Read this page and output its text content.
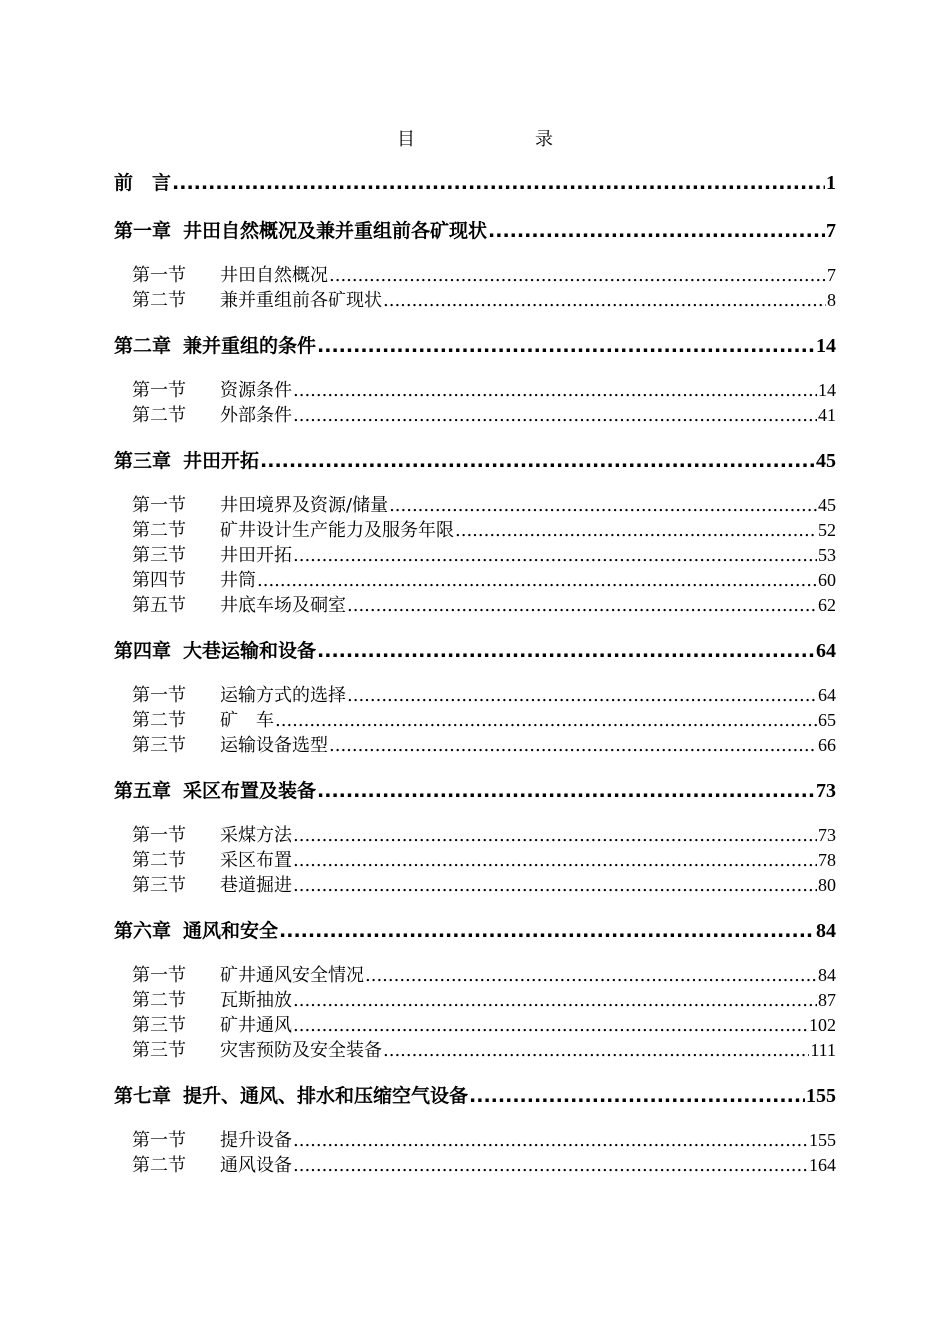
目　　录
前　言 .....	1
第一章 井田自然概况及兼并重组前各矿现状 .....	7
第一节 井田自然概况 .....	7
第二节 兼并重组前各矿现状 .....	8
第二章 兼并重组的条件 .....	14
第一节 资源条件 .....	14
第二节 外部条件 .....	41
第三章 井田开拓 .....	45
第一节 井田境界及资源/储量 .....	45
第二节 矿井设计生产能力及服务年限 .....	52
第三节 井田开拓 .....	53
第四节 井筒 .....	60
第五节 井底车场及硐室 .....	62
第四章 大巷运输和设备 .....	64
第一节 运输方式的选择 .....	64
第二节 矿　车 .....	65
第三节 运输设备选型 .....	66
第五章 采区布置及装备 .....	73
第一节 采煤方法 .....	73
第二节 采区布置 .....	78
第三节 巷道掘进 .....	80
第六章 通风和安全 .....	84
第一节 矿井通风安全情况 .....	84
第二节 瓦斯抽放 .....	87
第三节 矿井通风 .....	102
第三节 灾害预防及安全装备 .....	111
第七章 提升、通风、排水和压缩空气设备 .....	155
第一节 提升设备 .....	155
第二节 通风设备 .....	164
